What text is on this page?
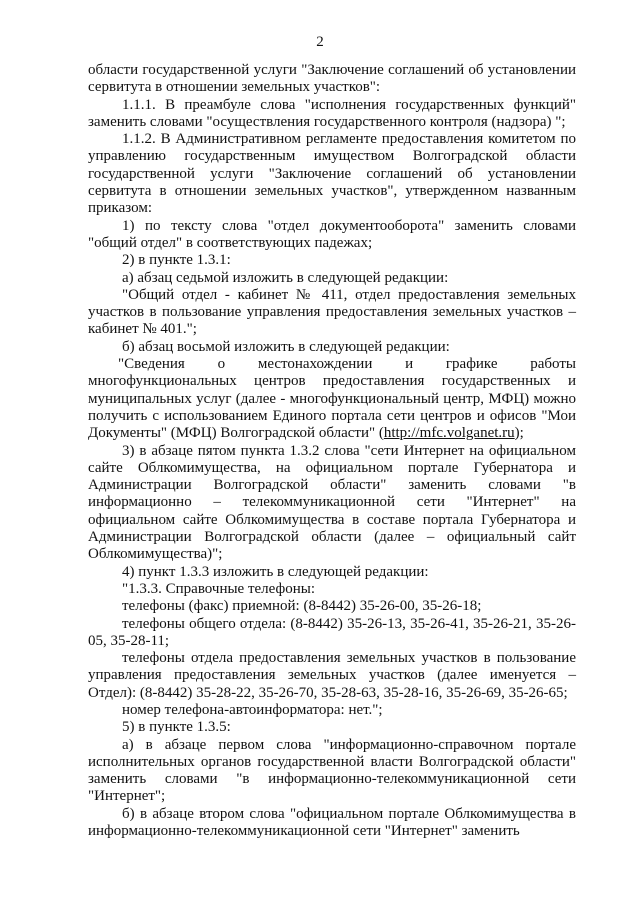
2

области государственной услуги "Заключение соглашений об установлении сервитута в отношении земельных участков":

1.1.1. В преамбуле слова "исполнения государственных функций" заменить словами "осуществления государственного контроля (надзора) ";

1.1.2. В Административном регламенте предоставления комитетом по управлению государственным имуществом Волгоградской области государственной услуги "Заключение соглашений об установлении сервитута в отношении земельных участков", утвержденном названным приказом:

1) по тексту слова "отдел документооборота" заменить словами "общий отдел" в соответствующих падежах;

2) в пункте 1.3.1:

а) абзац седьмой изложить в следующей редакции:

"Общий отдел - кабинет № 411, отдел предоставления земельных участков в пользование управления предоставления земельных участков – кабинет № 401.";

б) абзац восьмой изложить в следующей редакции:

"Сведения о местонахождении и графике работы многофункциональных центров предоставления государственных и муниципальных услуг (далее - многофункциональный центр, МФЦ) можно получить с использованием Единого портала сети центров и офисов "Мои Документы" (МФЦ) Волгоградской области" (http://mfc.volganet.ru);

3) в абзаце пятом пункта 1.3.2 слова "сети Интернет на официальном сайте Облкомимущества, на официальном портале Губернатора и Администрации Волгоградской области" заменить словами "в информационно – телекоммуникационной сети "Интернет" на официальном сайте Облкомимущества в составе портала Губернатора и Администрации Волгоградской области (далее – официальный сайт Облкомимущества)";

4) пункт 1.3.3 изложить в следующей редакции:

"1.3.3. Справочные телефоны:

телефоны (факс) приемной: (8-8442) 35-26-00, 35-26-18;

телефоны общего отдела: (8-8442) 35-26-13, 35-26-41, 35-26-21, 35-26-05, 35-28-11;

телефоны отдела предоставления земельных участков в пользование управления предоставления земельных участков (далее именуется – Отдел): (8-8442) 35-28-22, 35-26-70, 35-28-63, 35-28-16, 35-26-69, 35-26-65;

номер телефона-автоинформатора: нет.";

5) в пункте 1.3.5:

а) в абзаце первом слова "информационно-справочном портале исполнительных органов государственной власти Волгоградской области" заменить словами "в информационно-телекоммуникационной сети "Интернет";

б) в абзаце втором слова "официальном портале Облкомимущества в информационно-телекоммуникационной сети "Интернет" заменить
